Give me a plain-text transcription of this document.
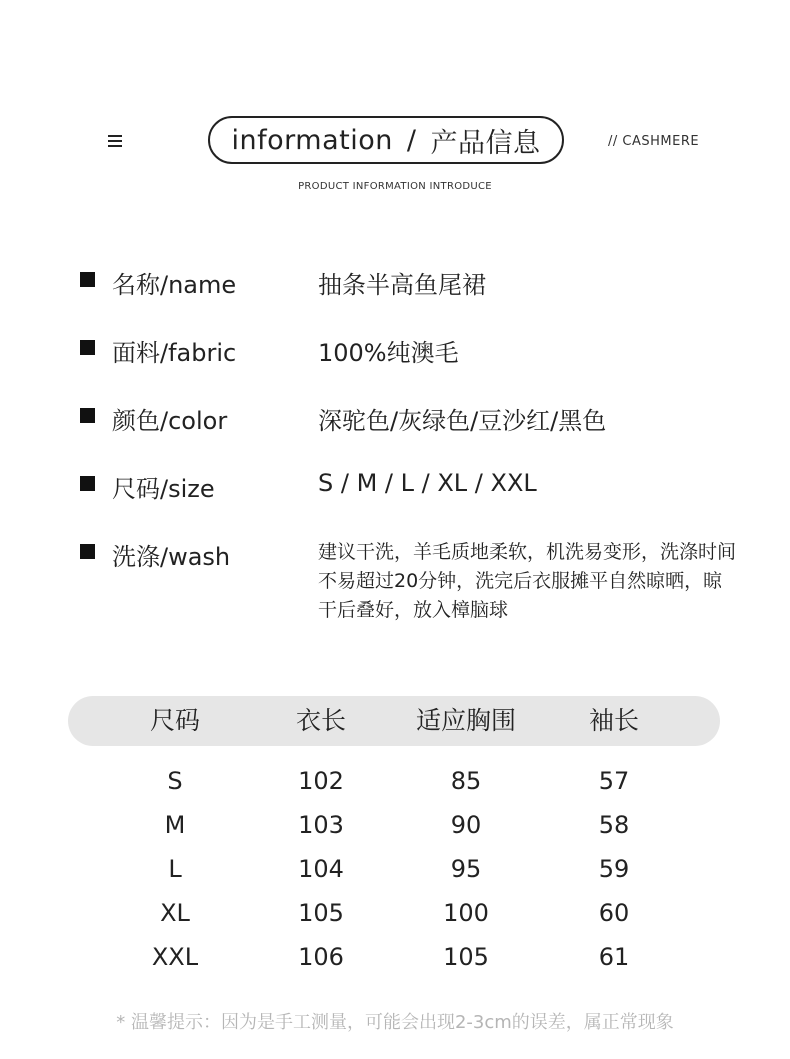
information / 产品信息	// CASHMERE
PRODUCT INFORMATION INTRODUCE
名称/name	抽条半高鱼尾裙
面料/fabric	100%纯澳毛
颜色/color	深驼色/灰绿色/豆沙红/黑色
尺码/size	S / M / L / XL / XXL
洗涤/wash	建议干洗，羊毛质地柔软，机洗易变形，洗涤时间不易超过20分钟，洗完后衣服摊平自然晾晒，晾干后叠好，放入樟脑球
尺码	衣长	适应胸围	袖长
S	102	85	57
M	103	90	58
L	104	95	59
XL	105	100	60
XXL	106	105	61
* 温馨提示：因为是手工测量，可能会出现2-3cm的误差，属正常现象
